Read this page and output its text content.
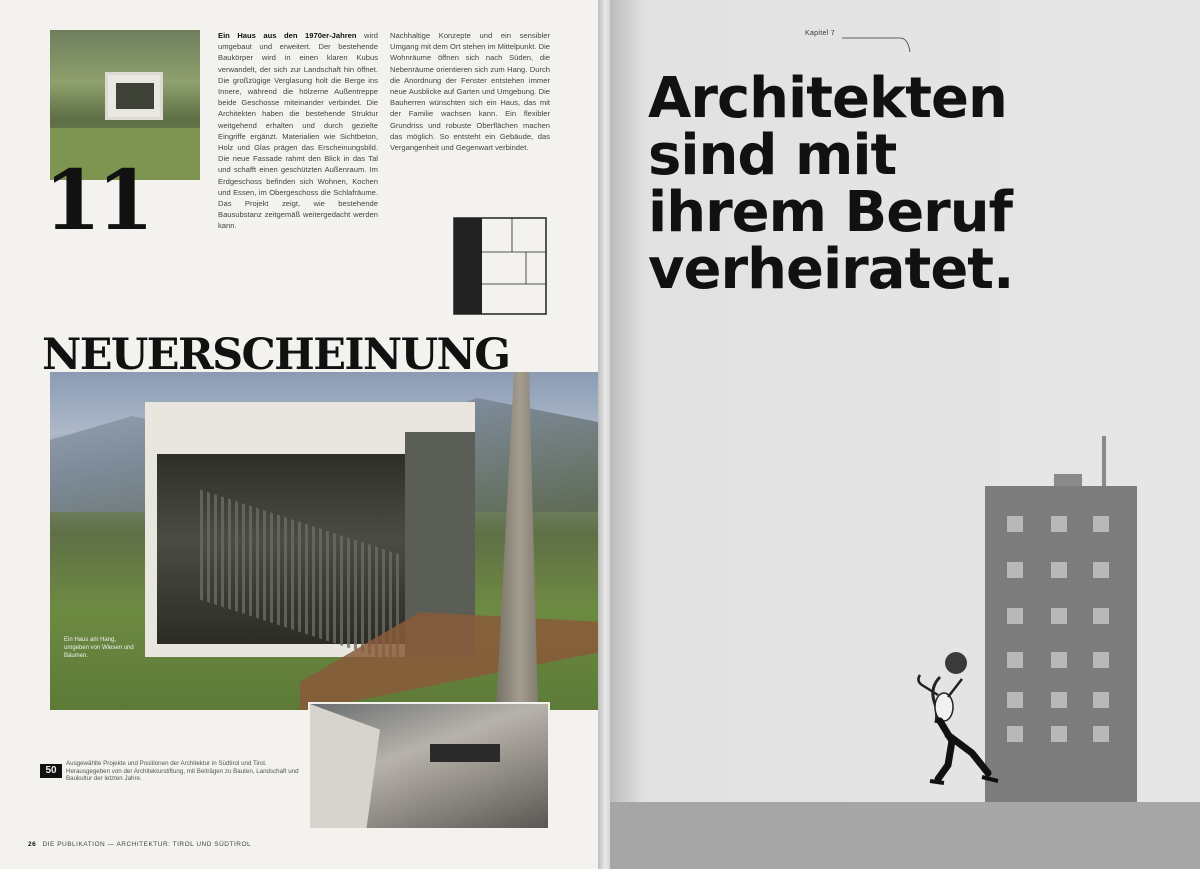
11
Ein Haus aus den 1970er-Jahren wird umgebaut und erweitert. Der bestehende Baukörper wird in einen klaren Kubus verwandelt, der sich zur Landschaft hin öffnet. Die großzügige Verglasung holt die Berge ins Innere, während die hölzerne Außentreppe beide Geschosse miteinander verbindet. Die Architekten haben die bestehende Struktur weitgehend erhalten und durch gezielte Eingriffe ergänzt. Materialien wie Sichtbeton, Holz und Glas prägen das Erscheinungsbild. Die neue Fassade rahmt den Blick in das Tal und schafft einen geschützten Außenraum. Im Erdgeschoss befinden sich Wohnen, Kochen und Essen, im Obergeschoss die Schlafräume. Das Projekt zeigt, wie bestehende Bausubstanz zeitgemäß weitergedacht werden kann.
Nachhaltige Konzepte und ein sensibler Umgang mit dem Ort stehen im Mittelpunkt. Die Wohnräume öffnen sich nach Süden, die Nebenräume orientieren sich zum Hang. Durch die Anordnung der Fenster entstehen immer neue Ausblicke auf Garten und Umgebung. Die Bauherren wünschten sich ein Haus, das mit der Familie wachsen kann. Ein flexibler Grundriss und robuste Oberflächen machen das möglich. So entsteht ein Gebäude, das Vergangenheit und Gegenwart verbindet.
Ein Haus am Hang, umgeben von Wiesen und Bäumen.
NEUERSCHEINUNG
50
Ausgewählte Projekte und Positionen der Architektur in Südtirol und Tirol. Herausgegeben von der Architekturstiftung, mit Beiträgen zu Bauten, Landschaft und Baukultur der letzten Jahre.
26 DIE PUBLIKATION — ARCHITEKTUR: TIROL UND SÜDTIROL
Kapitel 7
Architekten
sind mit
ihrem Beruf
verheiratet.
